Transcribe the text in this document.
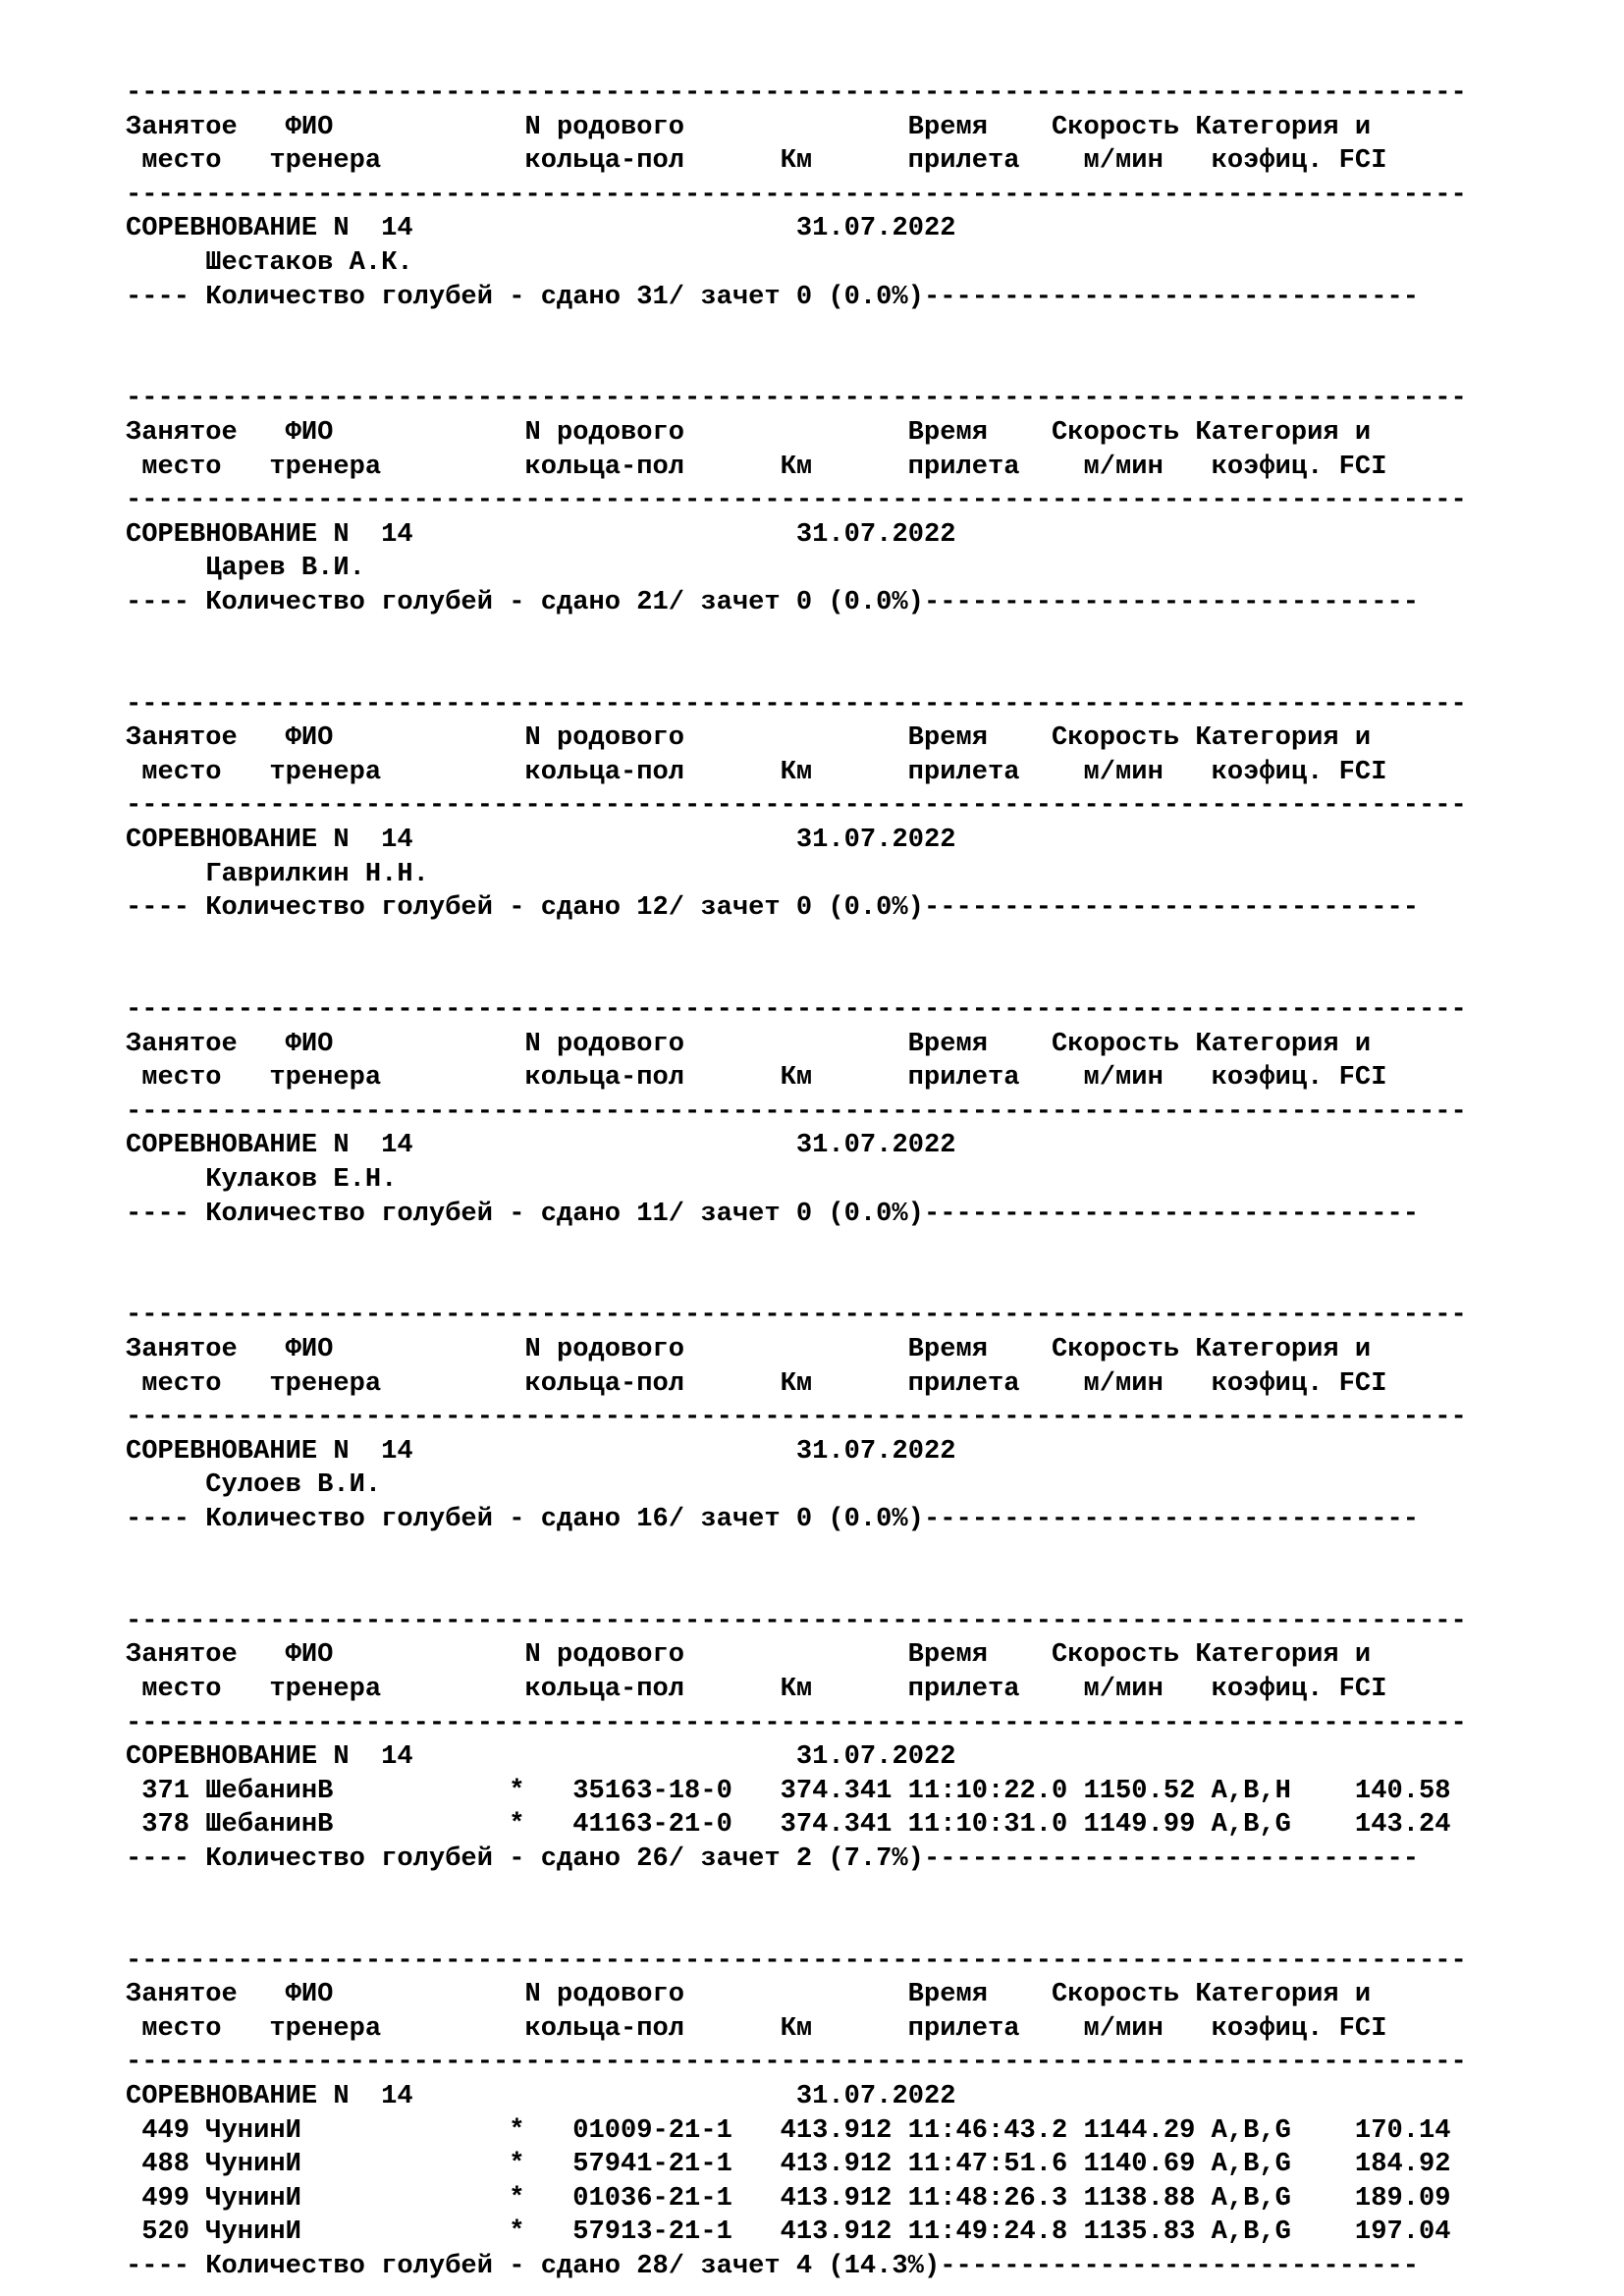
------------------------------------------------------------------------------------
Занятое   ФИО            N родового              Время    Скорость Категория и
место   тренера         кольца-пол      Км      прилета    м/мин   коэфиц. FCI
------------------------------------------------------------------------------------
СОРЕВНОВАНИЕ N  14	31.07.2022
Шестаков А.К.
---- Количество голубей - сдано 31/ зачет 0 (0.0%)-------------------------------
------------------------------------------------------------------------------------
Занятое   ФИО            N родового              Время    Скорость Категория и
место   тренера         кольца-пол      Км      прилета    м/мин   коэфиц. FCI
------------------------------------------------------------------------------------
СОРЕВНОВАНИЕ N  14	31.07.2022
Царев В.И.
---- Количество голубей - сдано 21/ зачет 0 (0.0%)-------------------------------
------------------------------------------------------------------------------------
Занятое   ФИО            N родового              Время    Скорость Категория и
место   тренера         кольца-пол      Км      прилета    м/мин   коэфиц. FCI
------------------------------------------------------------------------------------
СОРЕВНОВАНИЕ N  14	31.07.2022
Гаврилкин Н.Н.
---- Количество голубей - сдано 12/ зачет 0 (0.0%)-------------------------------
------------------------------------------------------------------------------------
Занятое   ФИО            N родового              Время    Скорость Категория и
место   тренера         кольца-пол      Км      прилета    м/мин   коэфиц. FCI
------------------------------------------------------------------------------------
СОРЕВНОВАНИЕ N  14	31.07.2022
Кулаков Е.Н.
---- Количество голубей - сдано 11/ зачет 0 (0.0%)-------------------------------
------------------------------------------------------------------------------------
Занятое   ФИО            N родового              Время    Скорость Категория и
место   тренера         кольца-пол      Км      прилета    м/мин   коэфиц. FCI
------------------------------------------------------------------------------------
СОРЕВНОВАНИЕ N  14	31.07.2022
Сулоев В.И.
---- Количество голубей - сдано 16/ зачет 0 (0.0%)-------------------------------
------------------------------------------------------------------------------------
Занятое   ФИО            N родового              Время    Скорость Категория и
место   тренера         кольца-пол      Км      прилета    м/мин   коэфиц. FCI
------------------------------------------------------------------------------------
СОРЕВНОВАНИЕ N  14	31.07.2022
371 ШебанинВ           *   35163-18-0   374.341 11:10:22.0 1150.52 A,B,H    140.58
378 ШебанинВ           *   41163-21-0   374.341 11:10:31.0 1149.99 A,B,G    143.24
---- Количество голубей - сдано 26/ зачет 2 (7.7%)-------------------------------
------------------------------------------------------------------------------------
Занятое   ФИО            N родового              Время    Скорость Категория и
место   тренера         кольца-пол      Км      прилета    м/мин   коэфиц. FCI
------------------------------------------------------------------------------------
СОРЕВНОВАНИЕ N  14	31.07.2022
449 ЧунинИ             *   01009-21-1   413.912 11:46:43.2 1144.29 A,B,G    170.14
488 ЧунинИ             *   57941-21-1   413.912 11:47:51.6 1140.69 A,B,G    184.92
499 ЧунинИ             *   01036-21-1   413.912 11:48:26.3 1138.88 A,B,G    189.09
520 ЧунинИ             *   57913-21-1   413.912 11:49:24.8 1135.83 A,B,G    197.04
---- Количество голубей - сдано 28/ зачет 4 (14.3%)------------------------------
